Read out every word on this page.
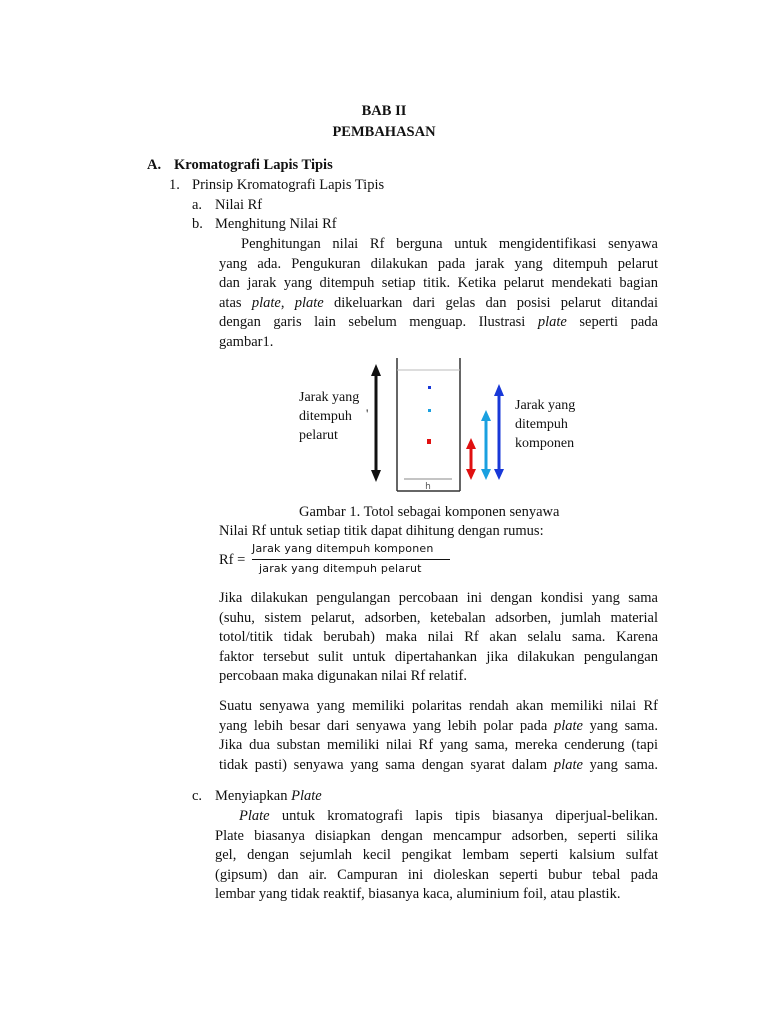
BAB II
PEMBAHASAN
A. Kromatografi Lapis Tipis
1. Prinsip Kromatografi Lapis Tipis
a. Nilai Rf
b. Menghitung Nilai Rf
Penghitungan nilai Rf berguna untuk mengidentifikasi senyawa
yang ada. Pengukuran dilakukan pada jarak yang ditempuh pelarut
dan jarak yang ditempuh setiap titik. Ketika pelarut mendekati bagian
atas plate, plate dikeluarkan dari gelas dan posisi pelarut ditandai
dengan garis lain sebelum menguap. Ilustrasi plate seperti pada
gambar1.
Jarak yang
ditempuh
pelarut
'
Jarak yang
ditempuh
komponen
h
Gambar 1. Totol sebagai komponen senyawa
Nilai Rf untuk setiap titik dapat dihitung dengan rumus:
Rf =
Jarak yang ditempuh komponen
jarak yang ditempuh pelarut
Jika dilakukan pengulangan percobaan ini dengan kondisi yang sama
(suhu, sistem pelarut, adsorben, ketebalan adsorben, jumlah material
totol/titik tidak berubah) maka nilai Rf akan selalu sama. Karena
faktor tersebut sulit untuk dipertahankan jika dilakukan pengulangan
percobaan maka digunakan nilai Rf relatif.
Suatu senyawa yang memiliki polaritas rendah akan memiliki nilai Rf
yang lebih besar dari senyawa yang lebih polar pada plate yang sama.
Jika dua substan memiliki nilai Rf yang sama, mereka cenderung (tapi
tidak pasti) senyawa yang sama dengan syarat dalam plate yang sama.
c. Menyiapkan Plate
Plate untuk kromatografi lapis tipis biasanya diperjual-belikan.
Plate biasanya disiapkan dengan mencampur adsorben, seperti silika
gel, dengan sejumlah kecil pengikat lembam seperti kalsium sulfat
(gipsum) dan air. Campuran ini dioleskan seperti bubur tebal pada
lembar yang tidak reaktif, biasanya kaca, aluminium foil, atau plastik.
